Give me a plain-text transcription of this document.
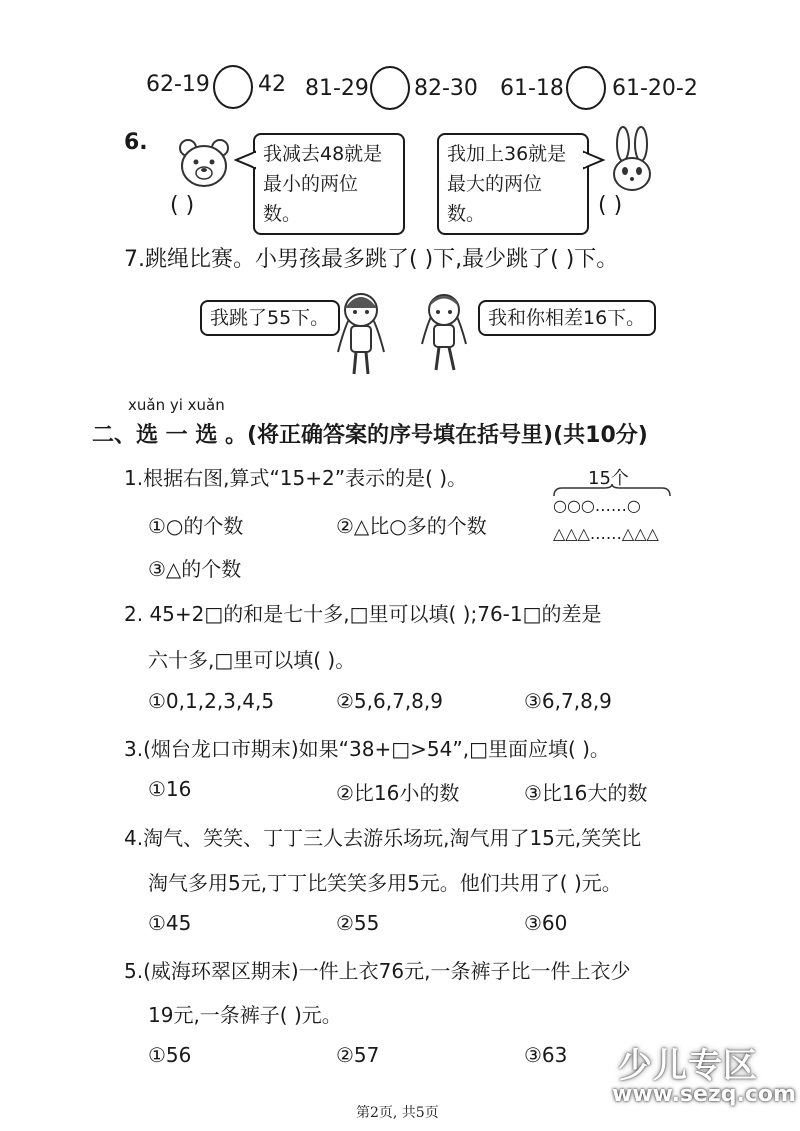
62-19 42 81-29 82-30 61-18 61-20-2
6.	我减去48就是
最小的两位数。
( )
我加上36就是
最大的两位数。	( )
7.跳绳比赛。小男孩最多跳了( )下,最少跳了( )下。
我跳了55下。	我和你相差16下。
xuǎn yi xuǎn
二、选 一 选 。(将正确答案的序号填在括号里)(共10分)
1.根据右图,算式“15+2”表示的是( )。	15个
○○○……○
△△△……△△△
①○的个数	②△比○多的个数
③△的个数
2. 45+2□的和是七十多,□里可以填( );76-1□的差是
六十多,□里可以填( )。
①0,1,2,3,4,5	②5,6,7,8,9	③6,7,8,9
3.(烟台龙口市期末)如果“38+□>54”,□里面应填( )。
①16	②比16小的数	③比16大的数
4.淘气、笑笑、丁丁三人去游乐场玩,淘气用了15元,笑笑比
淘气多用5元,丁丁比笑笑多用5元。他们共用了( )元。
①45	②55	③60
5.(威海环翠区期末)一件上衣76元,一条裤子比一件上衣少
19元,一条裤子( )元。
①56	②57	③63 少儿专区
www.sezq.com
第2页, 共5页
